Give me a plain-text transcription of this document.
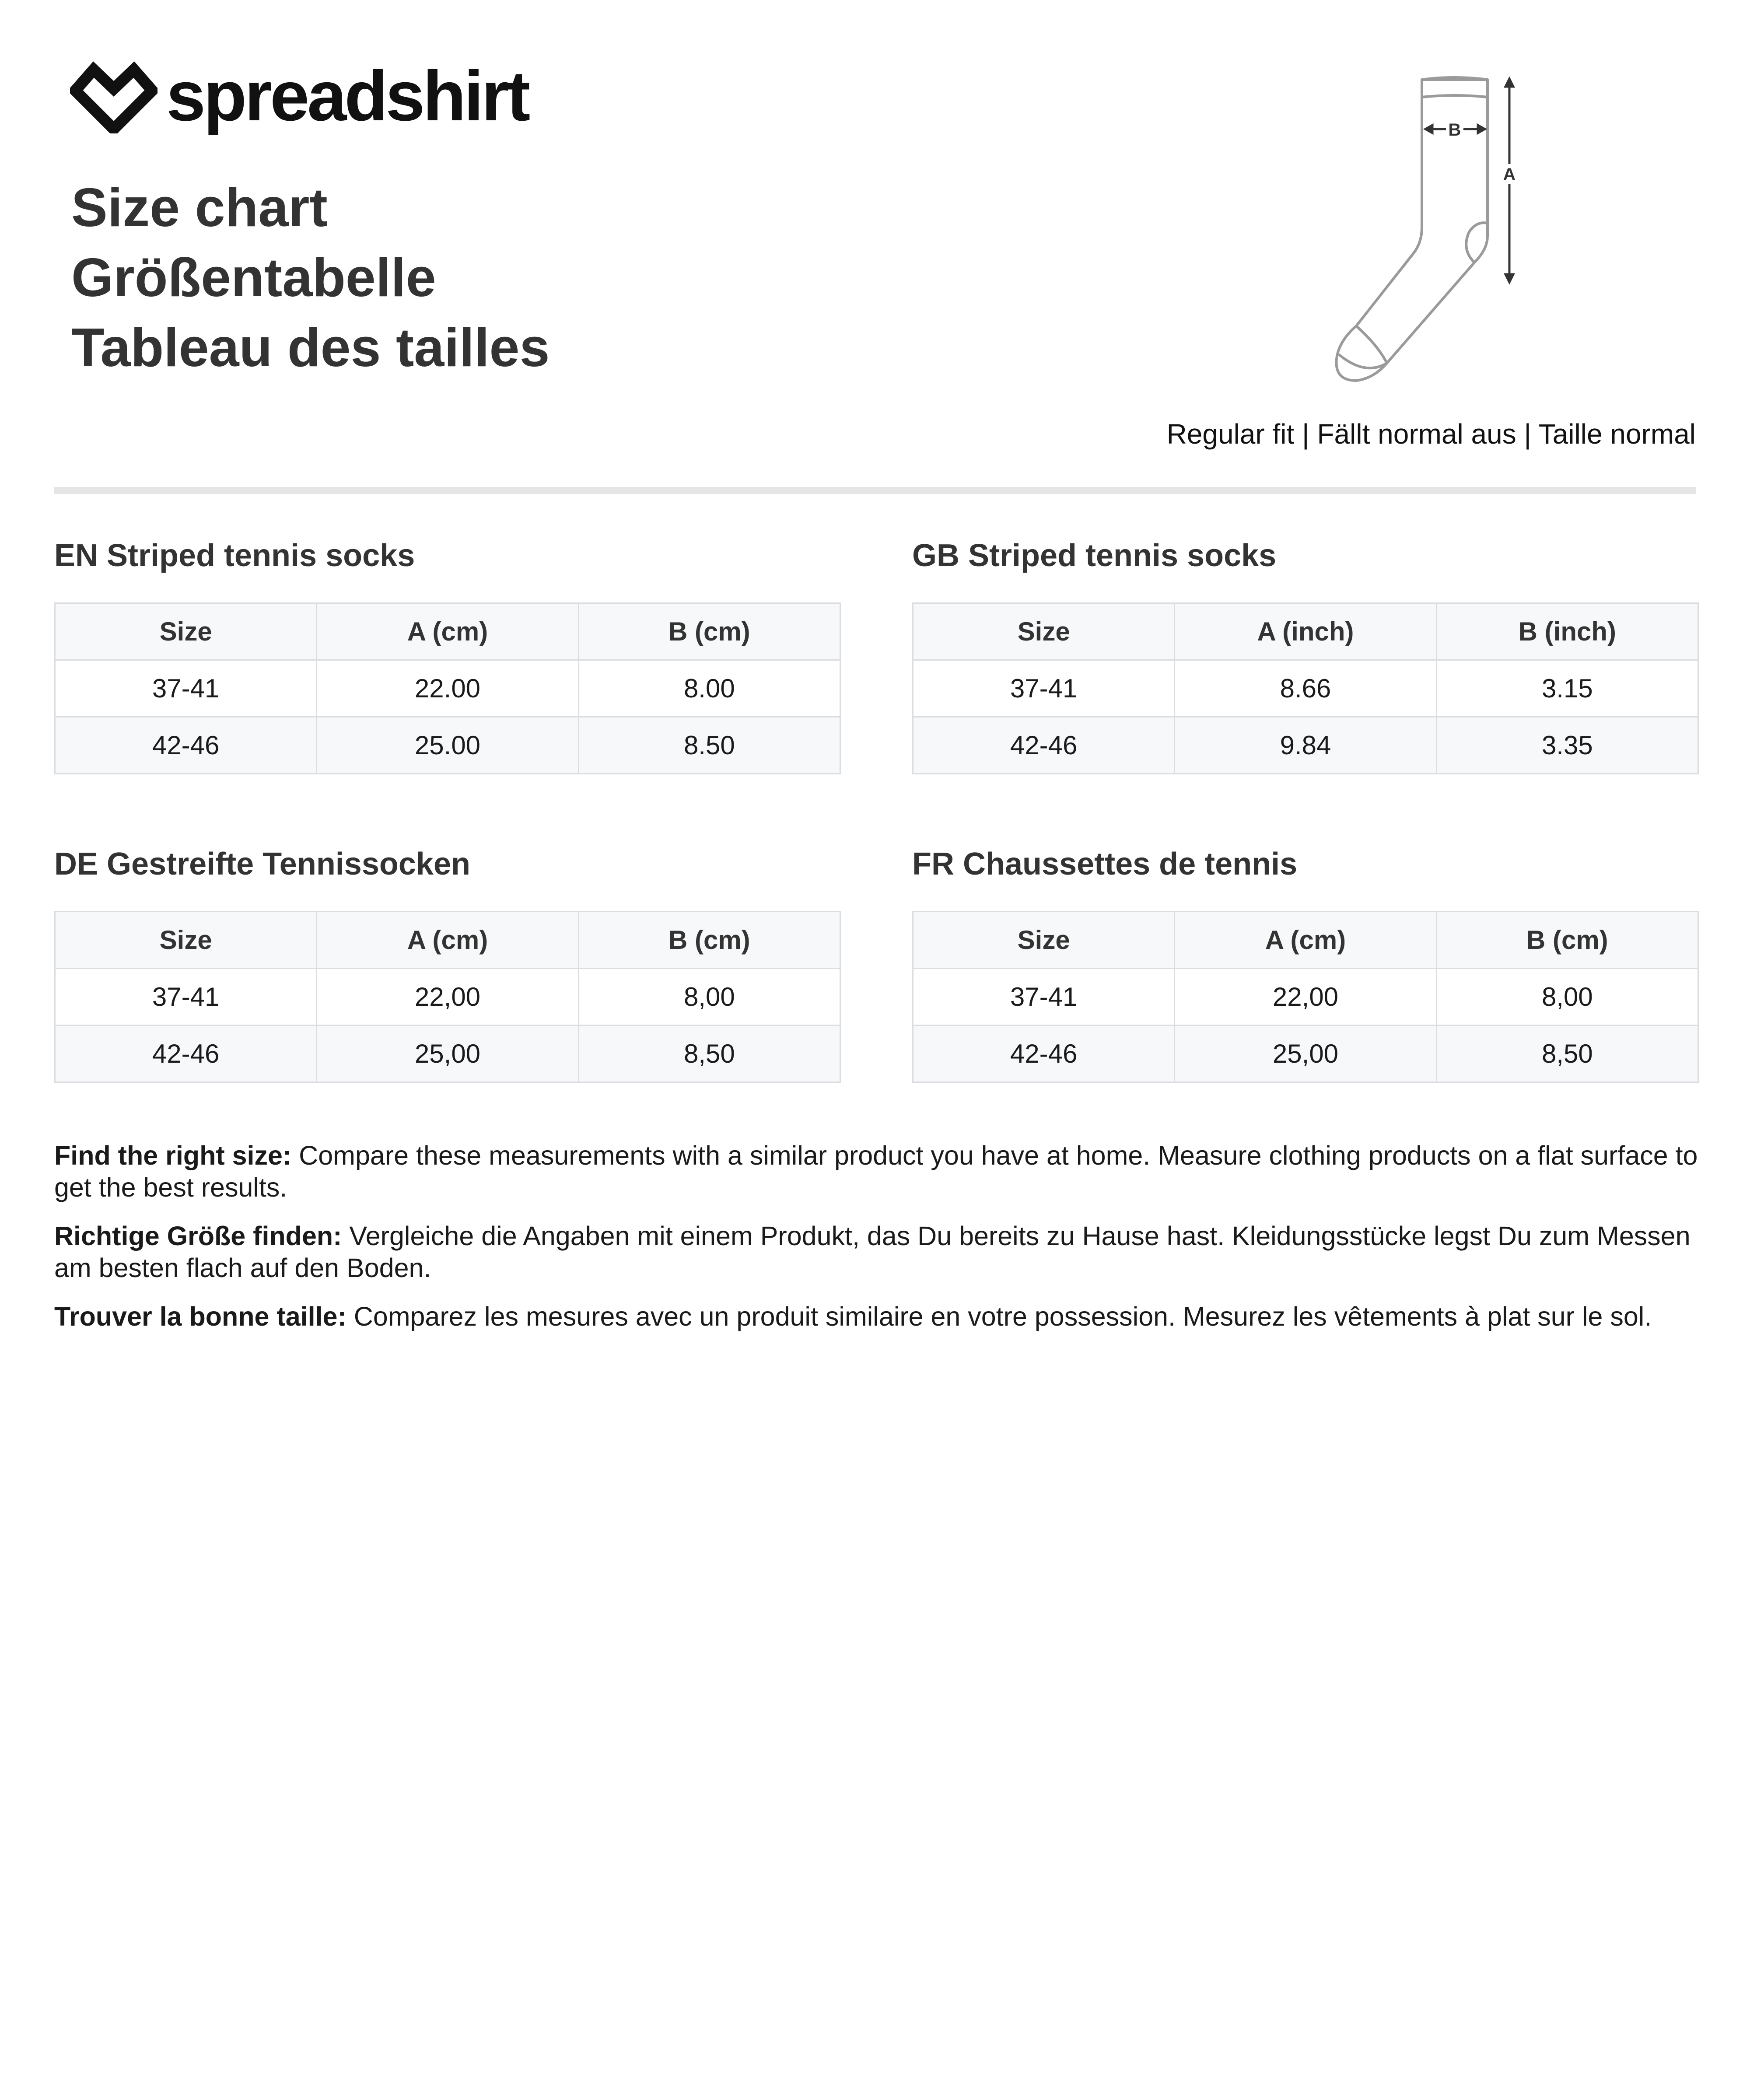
spreadshirt
Size chart
Größentabelle
Tableau des tailles
B
A
Regular fit | Fällt normal aus | Taille normal
EN Striped tennis socks
Size	A (cm)	B (cm)
37-41	22.00	8.00
42-46	25.00	8.50
GB Striped tennis socks
Size	A (inch)	B (inch)
37-41	8.66	3.15
42-46	9.84	3.35
DE Gestreifte Tennissocken
Size	A (cm)	B (cm)
37-41	22,00	8,00
42-46	25,00	8,50
FR Chaussettes de tennis
Size	A (cm)	B (cm)
37-41	22,00	8,00
42-46	25,00	8,50

Find the right size: Compare these measurements with a similar product you have at home. Measure clothing products on a flat surface to get the best results.

Richtige Größe finden: Vergleiche die Angaben mit einem Produkt, das Du bereits zu Hause hast. Kleidungsstücke legst Du zum Messen am besten flach auf den Boden.

Trouver la bonne taille: Comparez les mesures avec un produit similaire en votre possession. Mesurez les vêtements à plat sur le sol.
